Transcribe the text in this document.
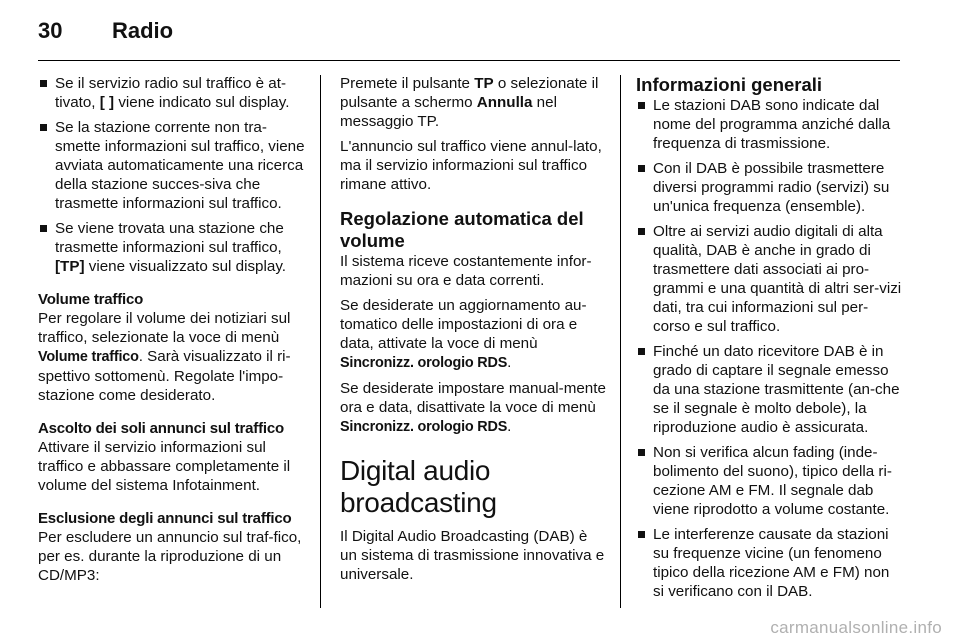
30 Radio
Se il servizio radio sul traffico è at-tivato, [ ] viene indicato sul display.
Se la stazione corrente non tra-smette informazioni sul traffico, viene avviata automaticamente una ricerca della stazione succes-siva che trasmette informazioni sul traffico.
Se viene trovata una stazione che trasmette informazioni sul traffico, [TP] viene visualizzato sul display.

Volume traffico

Per regolare il volume dei notiziari sul traffico, selezionate la voce di menù Volume traffico. Sarà visualizzato il ri-spettivo sottomenù. Regolate l'impo-stazione come desiderato.

Ascolto dei soli annunci sul traffico

Attivare il servizio informazioni sul traffico e abbassare completamente il volume del sistema Infotainment.

Esclusione degli annunci sul traffico

Per escludere un annuncio sul traf-fico, per es. durante la riproduzione di un CD/MP3:

Premete il pulsante TP o selezionate il pulsante a schermo Annulla nel messaggio TP.

L'annuncio sul traffico viene annul-lato, ma il servizio informazioni sul traffico rimane attivo.

Regolazione automatica del volume

Il sistema riceve costantemente infor-mazioni su ora e data correnti.

Se desiderate un aggiornamento au-tomatico delle impostazioni di ora e data, attivate la voce di menù Sincronizz. orologio RDS.

Se desiderate impostare manual-mente ora e data, disattivate la voce di menù Sincronizz. orologio RDS.

Digital audio broadcasting

Il Digital Audio Broadcasting (DAB) è un sistema di trasmissione innovativa e universale.

Informazioni generali

Le stazioni DAB sono indicate dal nome del programma anziché dalla frequenza di trasmissione.
Con il DAB è possibile trasmettere diversi programmi radio (servizi) su un'unica frequenza (ensemble).
Oltre ai servizi audio digitali di alta qualità, DAB è anche in grado di trasmettere dati associati ai pro-grammi e una quantità di altri ser-vizi dati, tra cui informazioni sul per-corso e sul traffico.
Finché un dato ricevitore DAB è in grado di captare il segnale emesso da una stazione trasmittente (an-che se il segnale è molto debole), la riproduzione audio è assicurata.
Non si verifica alcun fading (inde-bolimento del suono), tipico della ri-cezione AM e FM. Il segnale dab viene riprodotto a volume costante.
Le interferenze causate da stazioni su frequenze vicine (un fenomeno tipico della ricezione AM e FM) non si verificano con il DAB.
carmanualsonline.info
